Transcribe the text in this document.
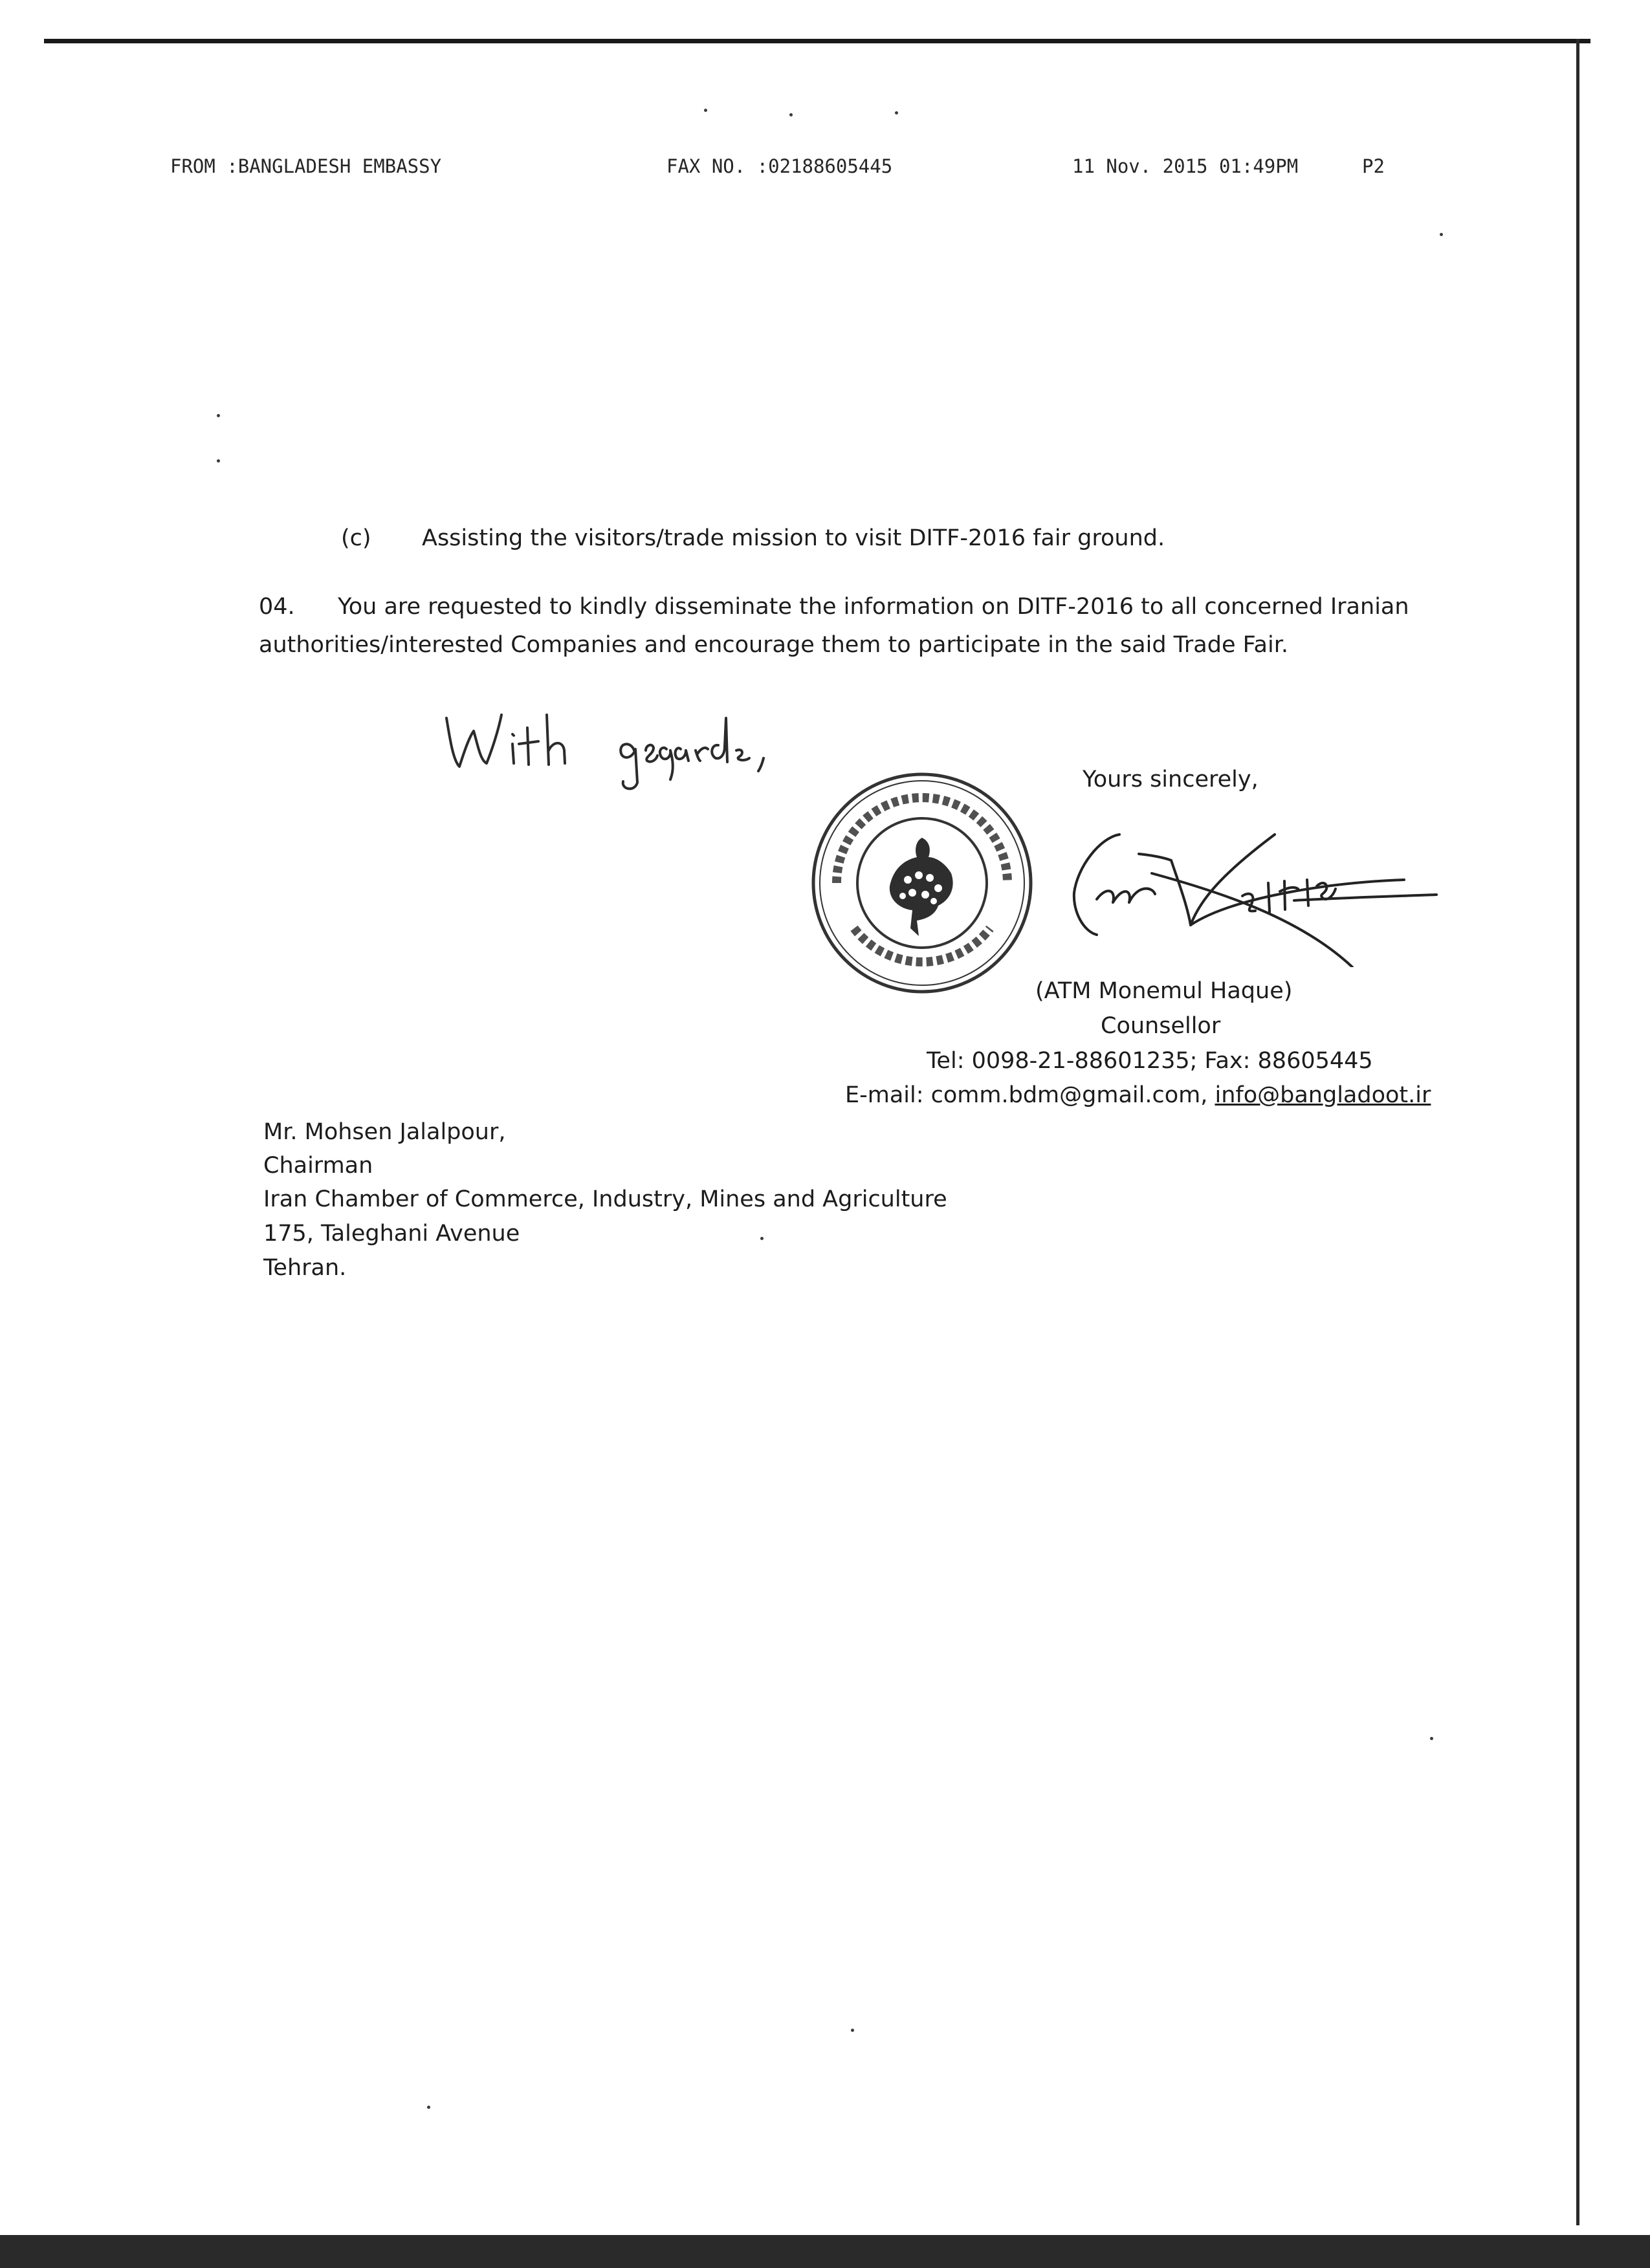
FROM :BANGLADESH EMBASSY	FAX NO. :02188605445	11 Nov. 2015 01:49PM	P2
(c) Assisting the visitors/trade mission to visit DITF-2016 fair ground.
04. You are requested to kindly disseminate the information on DITF-2016 to all concerned Iranian
authorities/interested Companies and encourage them to participate in the said Trade Fair.
Yours sincerely,
(ATM Monemul Haque)
Counsellor
Tel: 0098-21-88601235; Fax: 88605445
E-mail: comm.bdm@gmail.com, info@bangladoot.ir
Mr. Mohsen Jalalpour,
Chairman
Iran Chamber of Commerce, Industry, Mines and Agriculture
175, Taleghani Avenue
Tehran.
